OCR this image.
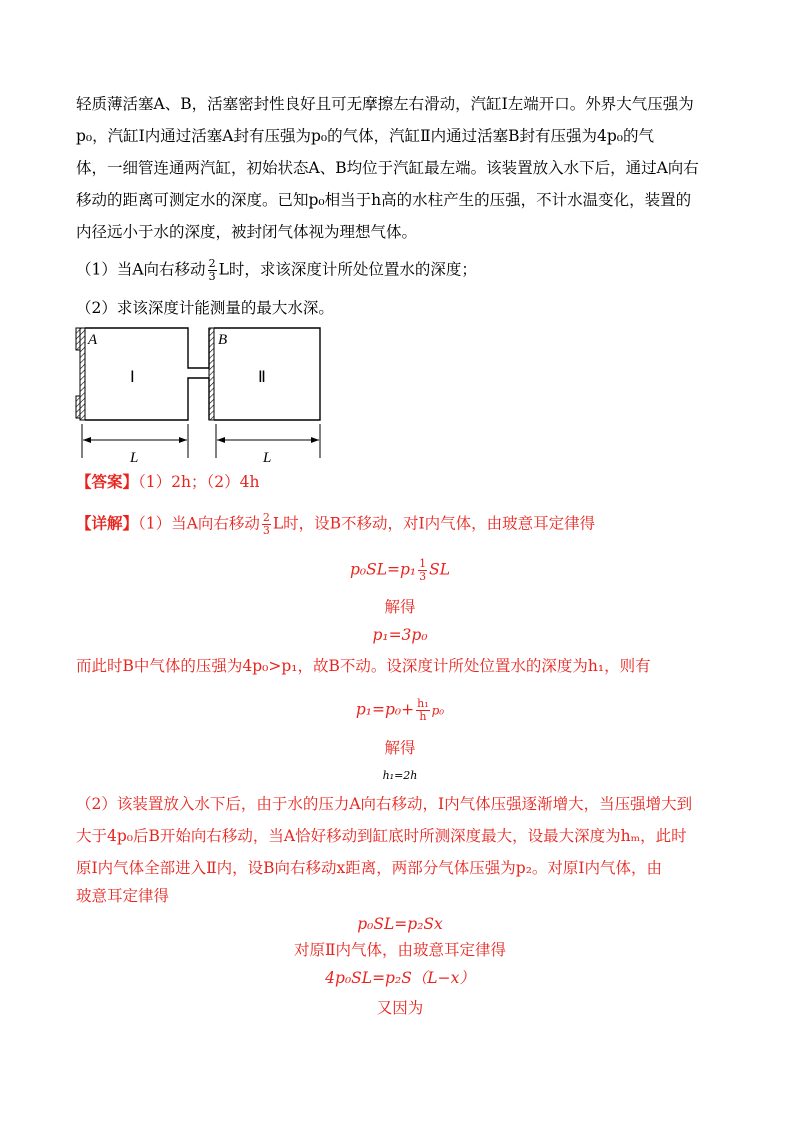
轻质薄活塞A、B，活塞密封性良好且可无摩擦左右滑动，汽缸Ⅰ左端开口。外界大气压强为
p₀，汽缸Ⅰ内通过活塞A封有压强为p₀的气体，汽缸Ⅱ内通过活塞B封有压强为4p₀的气
体，一细管连通两汽缸，初始状态A、B均位于汽缸最左端。该装置放入水下后，通过A向右
移动的距离可测定水的深度。已知p₀相当于h高的水柱产生的压强，不计水温变化，装置的
内径远小于水的深度，被封闭气体视为理想气体。
（1）当A向右移动 $\frac{2}{3}$ L时，求该深度计所处位置水的深度；
（2）求该深度计能测量的最大水深。
A	B
Ⅰ	Ⅱ
L	L
【答案】（1）2h；（2）4h
【详解】（1）当A向右移动 $\frac{2}{3}$ L时，设B不移动，对Ⅰ内气体，由玻意耳定律得
$p_0SL=p_1 \frac{1}{3}$ SL
解得
p₁=3p₀
而此时B中气体的压强为4p₀>p₁，故B不动。设深度计所处位置水的深度为h₁，则有
$p_1=p_0+ \frac{\text{h₁}}{h} p_0$
解得
h₁=2h
（2）该装置放入水下后，由于水的压力A向右移动，Ⅰ内气体压强逐渐增大，当压强增大到
大于4p₀后B开始向右移动，当A恰好移动到缸底时所测深度最大，设最大深度为hₘ，此时
原Ⅰ内气体全部进入Ⅱ内，设B向右移动x距离，两部分气体压强为p₂。对原Ⅰ内气体，由
玻意耳定律得
p₀SL=p₂Sx
对原Ⅱ内气体，由玻意耳定律得
4p₀SL=p₂S（L−x）
又因为
